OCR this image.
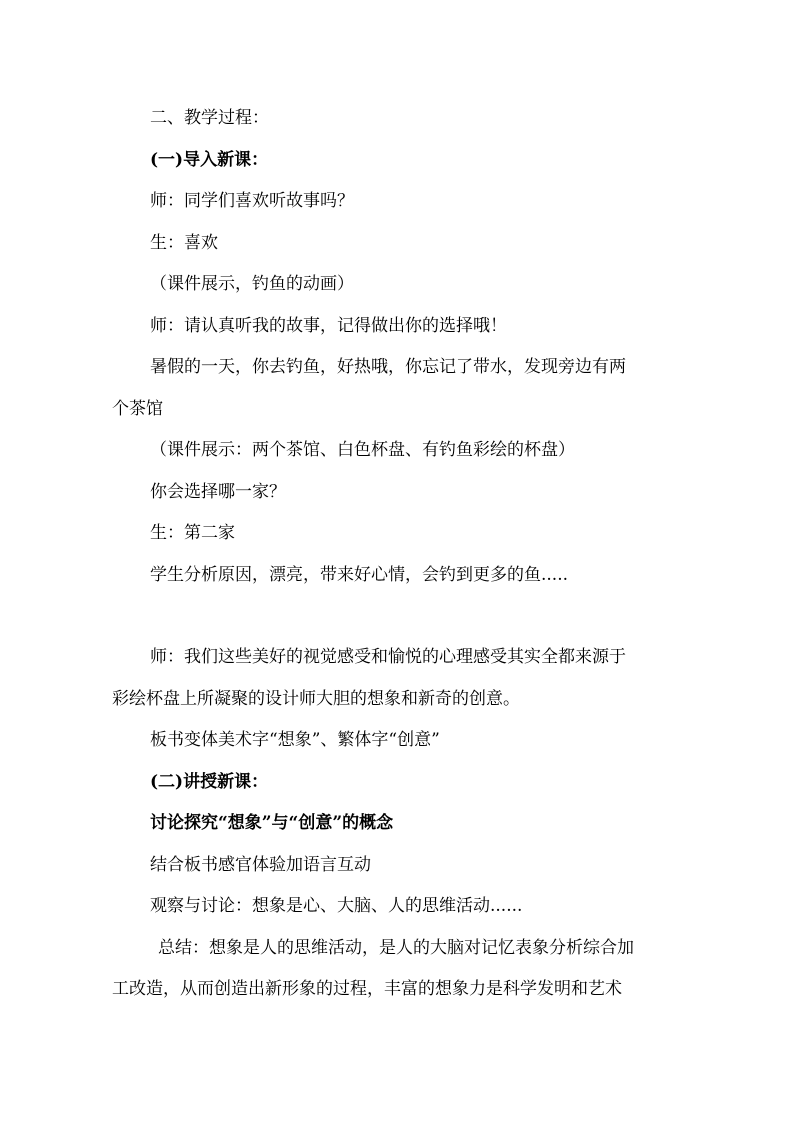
二、教学过程：
(一)导入新课：
师：同学们喜欢听故事吗？
生：喜欢
（课件展示，钓鱼的动画）
师：请认真听我的故事，记得做出你的选择哦！
暑假的一天，你去钓鱼，好热哦，你忘记了带水，发现旁边有两
个茶馆
（课件展示：两个茶馆、白色杯盘、有钓鱼彩绘的杯盘）
你会选择哪一家？
生：第二家
学生分析原因，漂亮，带来好心情，会钓到更多的鱼.....
师：我们这些美好的视觉感受和愉悦的心理感受其实全都来源于
彩绘杯盘上所凝聚的设计师大胆的想象和新奇的创意。
板书变体美术字“想象”、繁体字“创意”
(二)讲授新课：
讨论探究“想象”与“创意”的概念
结合板书感官体验加语言互动
观察与讨论：想象是心、大脑、人的思维活动......
总结：想象是人的思维活动，是人的大脑对记忆表象分析综合加
工改造，从而创造出新形象的过程，丰富的想象力是科学发明和艺术
